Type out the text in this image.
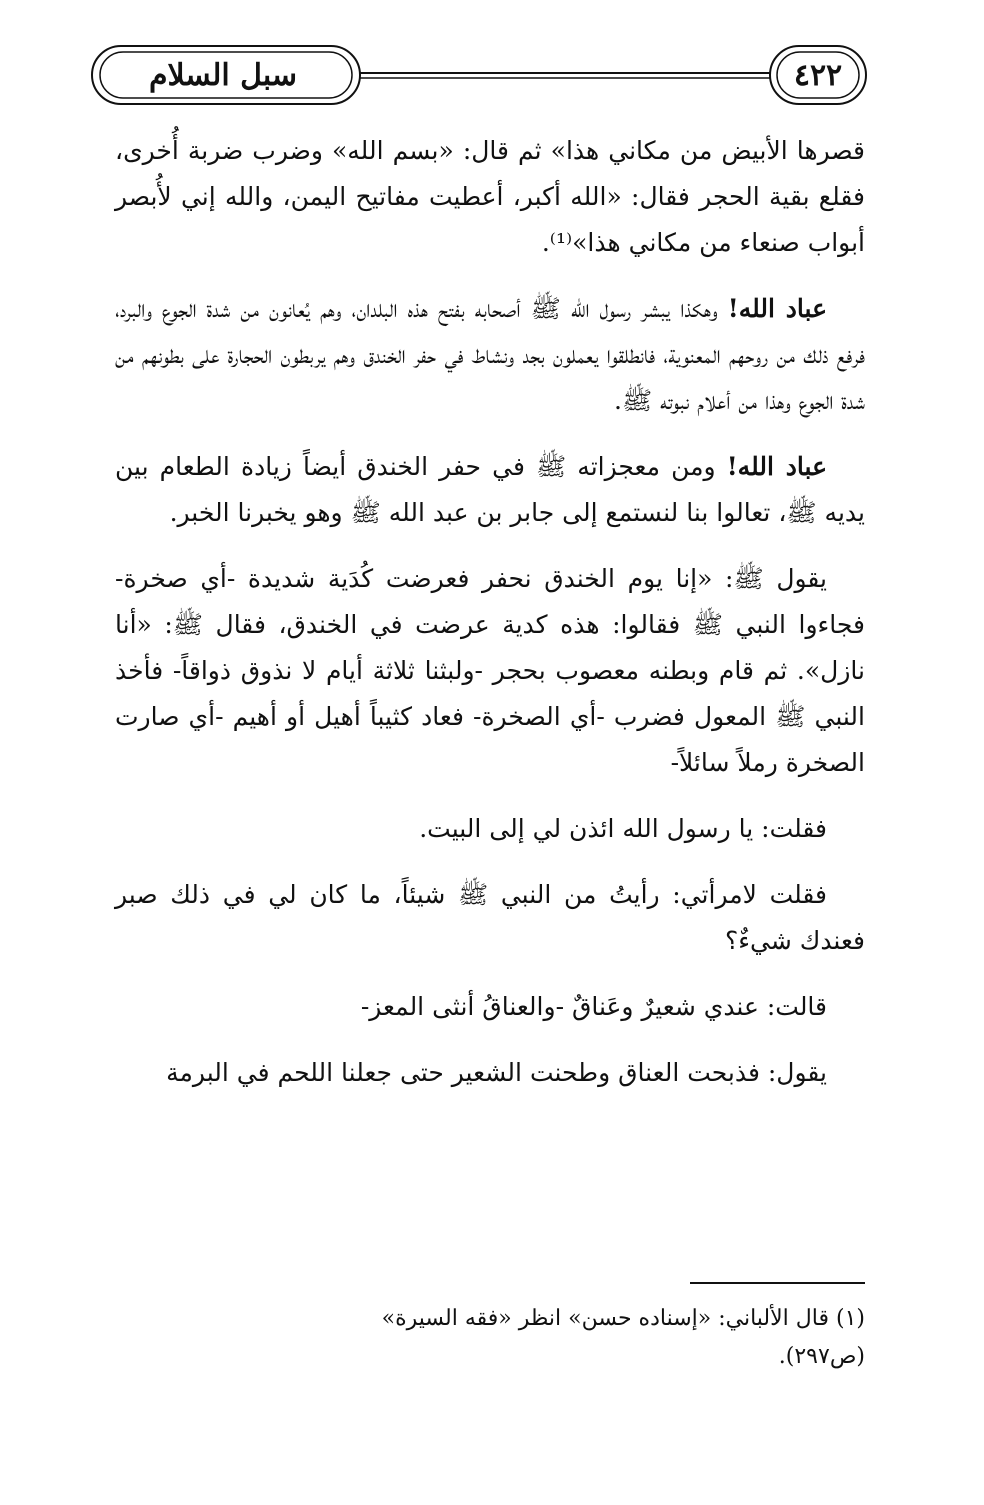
سبل السلام	٤٢٢

قصرها الأبيض من مكاني هذا» ثم قال: «بسم الله» وضرب ضربة أُخرى، فقلع بقية الحجر فقال: «الله أكبر، أعطيت مفاتيح اليمن، والله إني لأُبصر أبواب صنعاء من مكاني هذا»⁽¹⁾.

عباد الله! وهكذا يبشر رسول الله ﷺ أصحابه بفتح هذه البلدان، وهم يُعانون من شدة الجوع والبرد، فرفع ذلك من روحهم المعنوية، فانطلقوا يعملون بجد ونشاط في حفر الخندق وهم يربطون الحجارة على بطونهم من شدة الجوع وهذا من أعلام نبوته ﷺ.

عباد الله! ومن معجزاته ﷺ في حفر الخندق أيضاً زيادة الطعام بين يديه ﷺ، تعالوا بنا لنستمع إلى جابر بن عبد الله ﷺ وهو يخبرنا الخبر.

يقول ﷺ: «إنا يوم الخندق نحفر فعرضت كُدَية شديدة -أي صخرة- فجاءوا النبي ﷺ فقالوا: هذه كدية عرضت في الخندق، فقال ﷺ: «أنا نازل». ثم قام وبطنه معصوب بحجر -ولبثنا ثلاثة أيام لا نذوق ذواقاً- فأخذ النبي ﷺ المعول فضرب -أي الصخرة- فعاد كثيباً أهيل أو أهيم -أي صارت الصخرة رملاً سائلاً-

فقلت: يا رسول الله ائذن لي إلى البيت.

فقلت لامرأتي: رأيتُ من النبي ﷺ شيئاً، ما كان لي في ذلك صبر فعندك شيءٌ؟

قالت: عندي شعيرٌ وعَناقٌ -والعناقُ أنثى المعز-

يقول: فذبحت العناق وطحنت الشعير حتى جعلنا اللحم في البرمة

(١) قال الألباني: «إسناده حسن» انظر «فقه السيرة» (ص٢٩٧).
